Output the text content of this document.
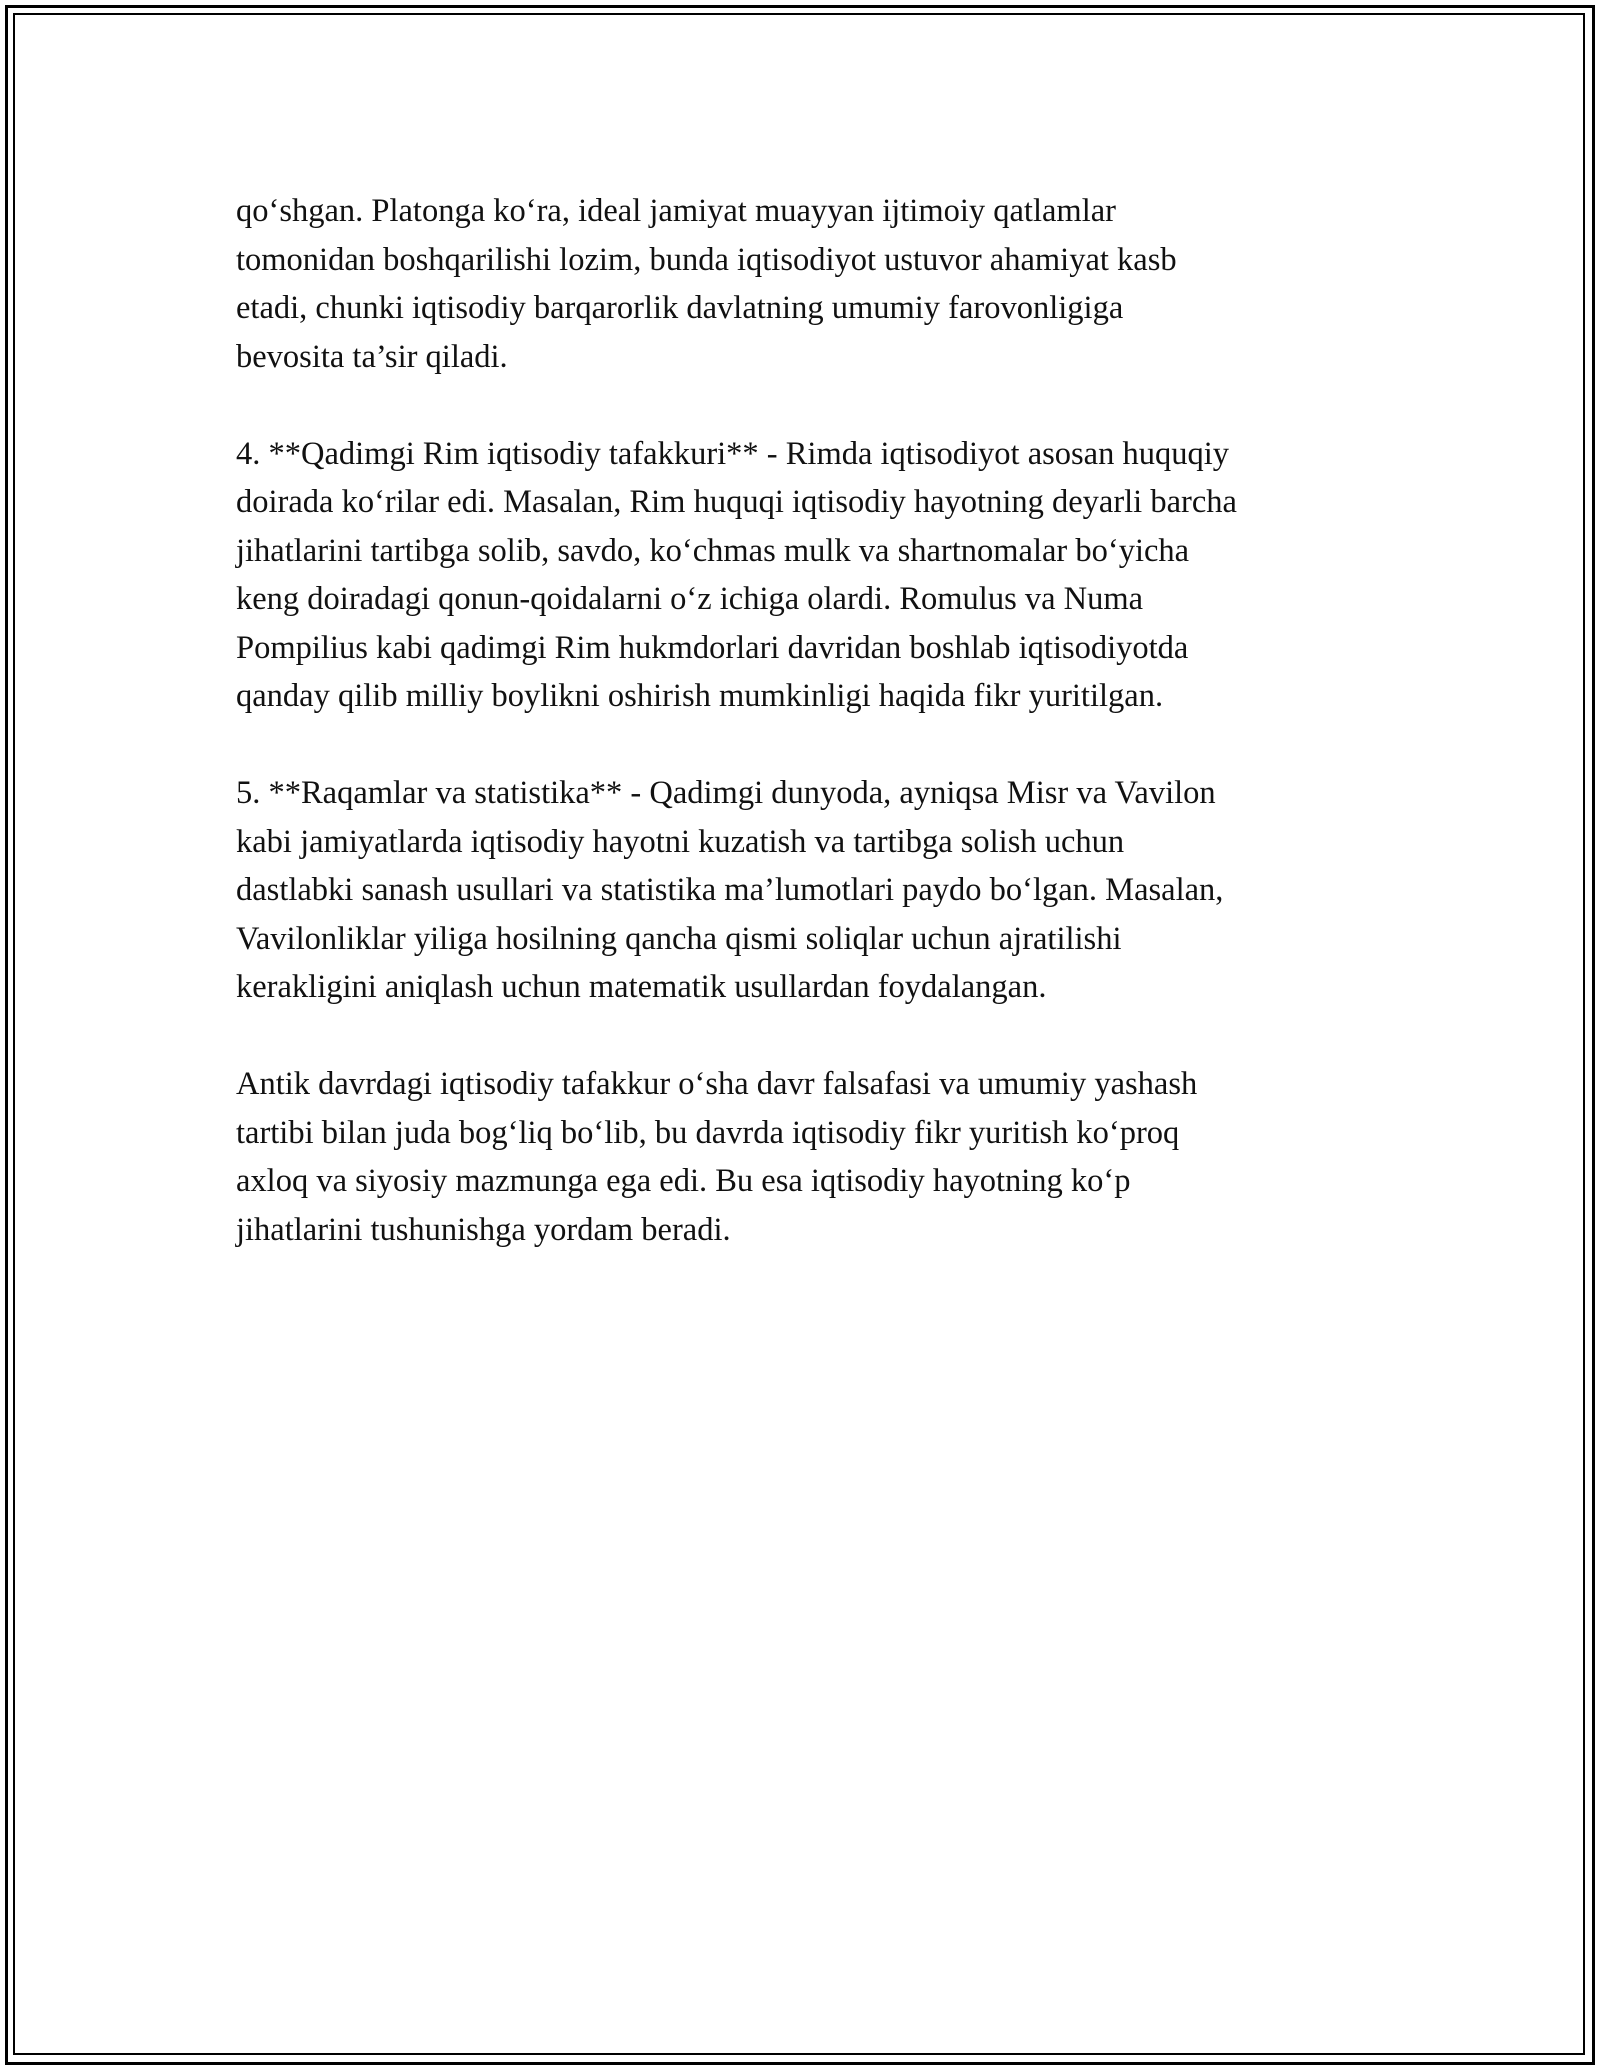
qo‘shgan. Platonga ko‘ra, ideal jamiyat muayyan ijtimoiy qatlamlar
tomonidan boshqarilishi lozim, bunda iqtisodiyot ustuvor ahamiyat kasb
etadi, chunki iqtisodiy barqarorlik davlatning umumiy farovonligiga
bevosita ta’sir qiladi.

4. **Qadimgi Rim iqtisodiy tafakkuri** - Rimda iqtisodiyot asosan huquqiy
doirada ko‘rilar edi. Masalan, Rim huquqi iqtisodiy hayotning deyarli barcha
jihatlarini tartibga solib, savdo, ko‘chmas mulk va shartnomalar bo‘yicha
keng doiradagi qonun-qoidalarni o‘z ichiga olardi. Romulus va Numa
Pompilius kabi qadimgi Rim hukmdorlari davridan boshlab iqtisodiyotda
qanday qilib milliy boylikni oshirish mumkinligi haqida fikr yuritilgan.

5. **Raqamlar va statistika** - Qadimgi dunyoda, ayniqsa Misr va Vavilon
kabi jamiyatlarda iqtisodiy hayotni kuzatish va tartibga solish uchun
dastlabki sanash usullari va statistika ma’lumotlari paydo bo‘lgan. Masalan,
Vavilonliklar yiliga hosilning qancha qismi soliqlar uchun ajratilishi
kerakligini aniqlash uchun matematik usullardan foydalangan.

Antik davrdagi iqtisodiy tafakkur o‘sha davr falsafasi va umumiy yashash
tartibi bilan juda bog‘liq bo‘lib, bu davrda iqtisodiy fikr yuritish ko‘proq
axloq va siyosiy mazmunga ega edi. Bu esa iqtisodiy hayotning ko‘p
jihatlarini tushunishga yordam beradi.
